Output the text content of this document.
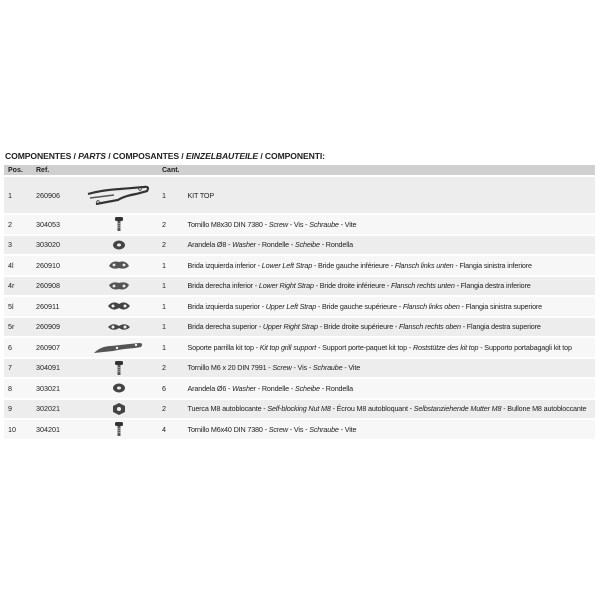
COMPONENTES / PARTS / COMPOSANTES / EINZELBAUTEILE / COMPONENTI:
Pos.	Ref.		Cant.	
1	260906		1	KIT TOP
2	304053		2	Tornillo M8x30 DIN 7380 - Screw - Vis - Schraube - Vite
3	303020		2	Arandela Ø8 - Washer - Rondelle - Scheibe - Rondella
4l	260910		1	Brida izquierda inferior - Lower Left Strap - Bride gauche inférieure - Flansch links unten - Flangia sinistra inferiore
4r	260908		1	Brida derecha inferior - Lower Right Strap - Bride droite inférieure - Flansch rechts unten - Flangia destra inferiore
5l	260911		1	Brida izquierda superior - Upper Left Strap - Bride gauche supérieure - Flansch links oben - Flangia sinistra superiore
5r	260909		1	Brida derecha superior - Upper Right Strap - Bride droite supérieure - Flansch rechts oben - Flangia destra superiore
6	260907		1	Soporte parrilla kit top - Kit top grill support - Support porte-paquet kit top - Roststütze des kit top - Supporto portabagagli kit top
7	304091		2	Tornillo M6 x 20 DIN 7991 - Screw - Vis - Schraube - Vite
8	303021		6	Arandela Ø6 - Washer - Rondelle - Scheibe - Rondella
9	302021		2	Tuerca M8 autoblocante - Self-blocking Nut M8 - Écrou M8 autobloquant - Selbstanziehende Mutter M8 - Bullone M8 autobloccante
10	304201		4	Tornillo M6x40 DIN 7380 - Screw - Vis - Schraube - Vite
